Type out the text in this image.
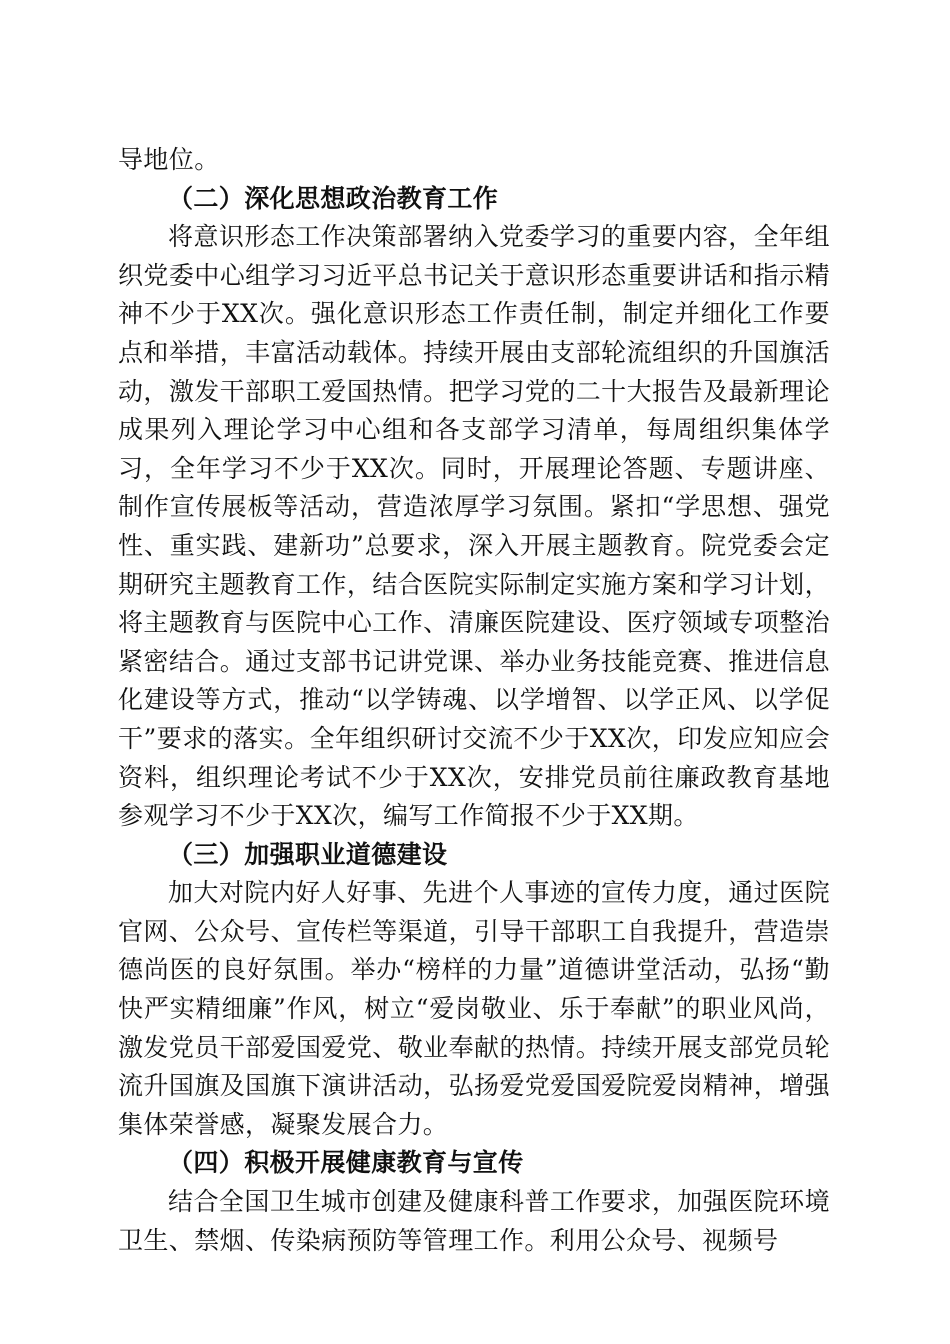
导地位。

（二）深化思想政治教育工作

将意识形态工作决策部署纳入党委学习的重要内容，全年组织党委中心组学习习近平总书记关于意识形态重要讲话和指示精神不少于XX次。强化意识形态工作责任制，制定并细化工作要点和举措，丰富活动载体。持续开展由支部轮流组织的升国旗活动，激发干部职工爱国热情。把学习党的二十大报告及最新理论成果列入理论学习中心组和各支部学习清单，每周组织集体学习，全年学习不少于XX次。同时，开展理论答题、专题讲座、制作宣传展板等活动，营造浓厚学习氛围。紧扣“学思想、强党性、重实践、建新功”总要求，深入开展主题教育。院党委会定期研究主题教育工作，结合医院实际制定实施方案和学习计划，将主题教育与医院中心工作、清廉医院建设、医疗领域专项整治紧密结合。通过支部书记讲党课、举办业务技能竞赛、推进信息化建设等方式，推动“以学铸魂、以学增智、以学正风、以学促干”要求的落实。全年组织研讨交流不少于XX次，印发应知应会资料，组织理论考试不少于XX次，安排党员前往廉政教育基地参观学习不少于XX次，编写工作简报不少于XX期。

（三）加强职业道德建设

加大对院内好人好事、先进个人事迹的宣传力度，通过医院官网、公众号、宣传栏等渠道，引导干部职工自我提升，营造崇德尚医的良好氛围。举办“榜样的力量”道德讲堂活动，弘扬“勤快严实精细廉”作风，树立“爱岗敬业、乐于奉献”的职业风尚，激发党员干部爱国爱党、敬业奉献的热情。持续开展支部党员轮流升国旗及国旗下演讲活动，弘扬爱党爱国爱院爱岗精神，增强集体荣誉感，凝聚发展合力。

（四）积极开展健康教育与宣传

结合全国卫生城市创建及健康科普工作要求，加强医院环境卫生、禁烟、传染病预防等管理工作。利用公众号、视频号
